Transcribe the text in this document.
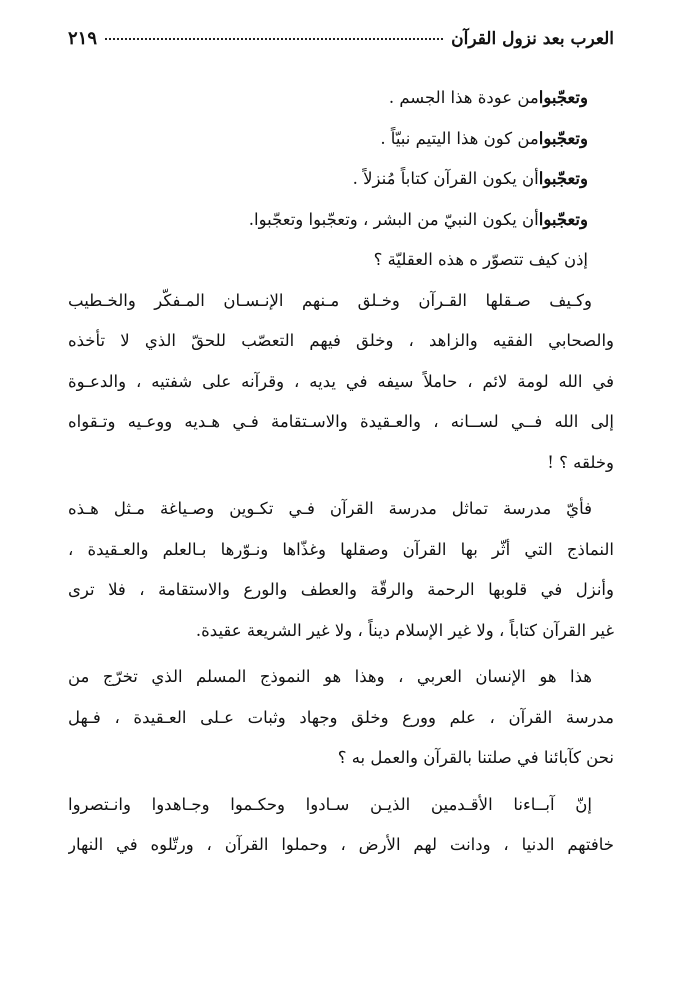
العرب بعد نزول القرآن
٢١٩
وتعجّبوامن عودة هذا الجسم .
وتعجّبوامن كون هذا اليتيم نبيّاً .
وتعجّبواأن يكون القرآن كتاباً مُنزلاً .
وتعجّبواأن يكون النبيّ من البشر ، وتعجّبوا وتعجّبوا.
إذن كيف تتصوّر ه هذه العقليّة ؟
وكـيف صـقلها القـرآن وخـلق مـنهم الإنـسـان المـفكّر والخـطيب
والصحابي الفقيه والزاهد ، وخلق فيهم التعصّب للحقّ الذي لا تأخذه
في الله لومة لائم ، حاملاً سيفه في يديه ، وقرآنه على شفتيه ، والدعـوة
إلى الله فــي لســانه ، والعـقيدة والاسـتقامة فـي هـديه ووعـيه وتـقواه
وخلقه ؟ !
فأيّ مدرسة تماثل مدرسة القرآن فـي تكـوين وصـياغة مـثل هـذه
النماذج التي أثّر بها القرآن وصقلها وغذّاها ونـوّرها بـالعلم والعـقيدة ،
وأنزل في قلوبها الرحمة والرقّة والعطف والورع والاستقامة ، فلا ترى
غير القرآن كتاباً ، ولا غير الإسلام ديناً ، ولا غير الشريعة عقيدة.
هذا هو الإنسان العربي ، وهذا هو النموذج المسلم الذي تخرّج من
مدرسة القرآن ، علم وورع وخلق وجهاد وثبات عـلى العـقيدة ، فـهل
نحن كآبائنا في صلتنا بالقرآن والعمل به ؟
إنّ آبــاءنا الأقـدمين الذيـن سـادوا وحكـموا وجـاهدوا وانـتصروا
خافتهم الدنيا ، ودانت لهم الأرض ، وحملوا القرآن ، ورتّلوه في النهار
